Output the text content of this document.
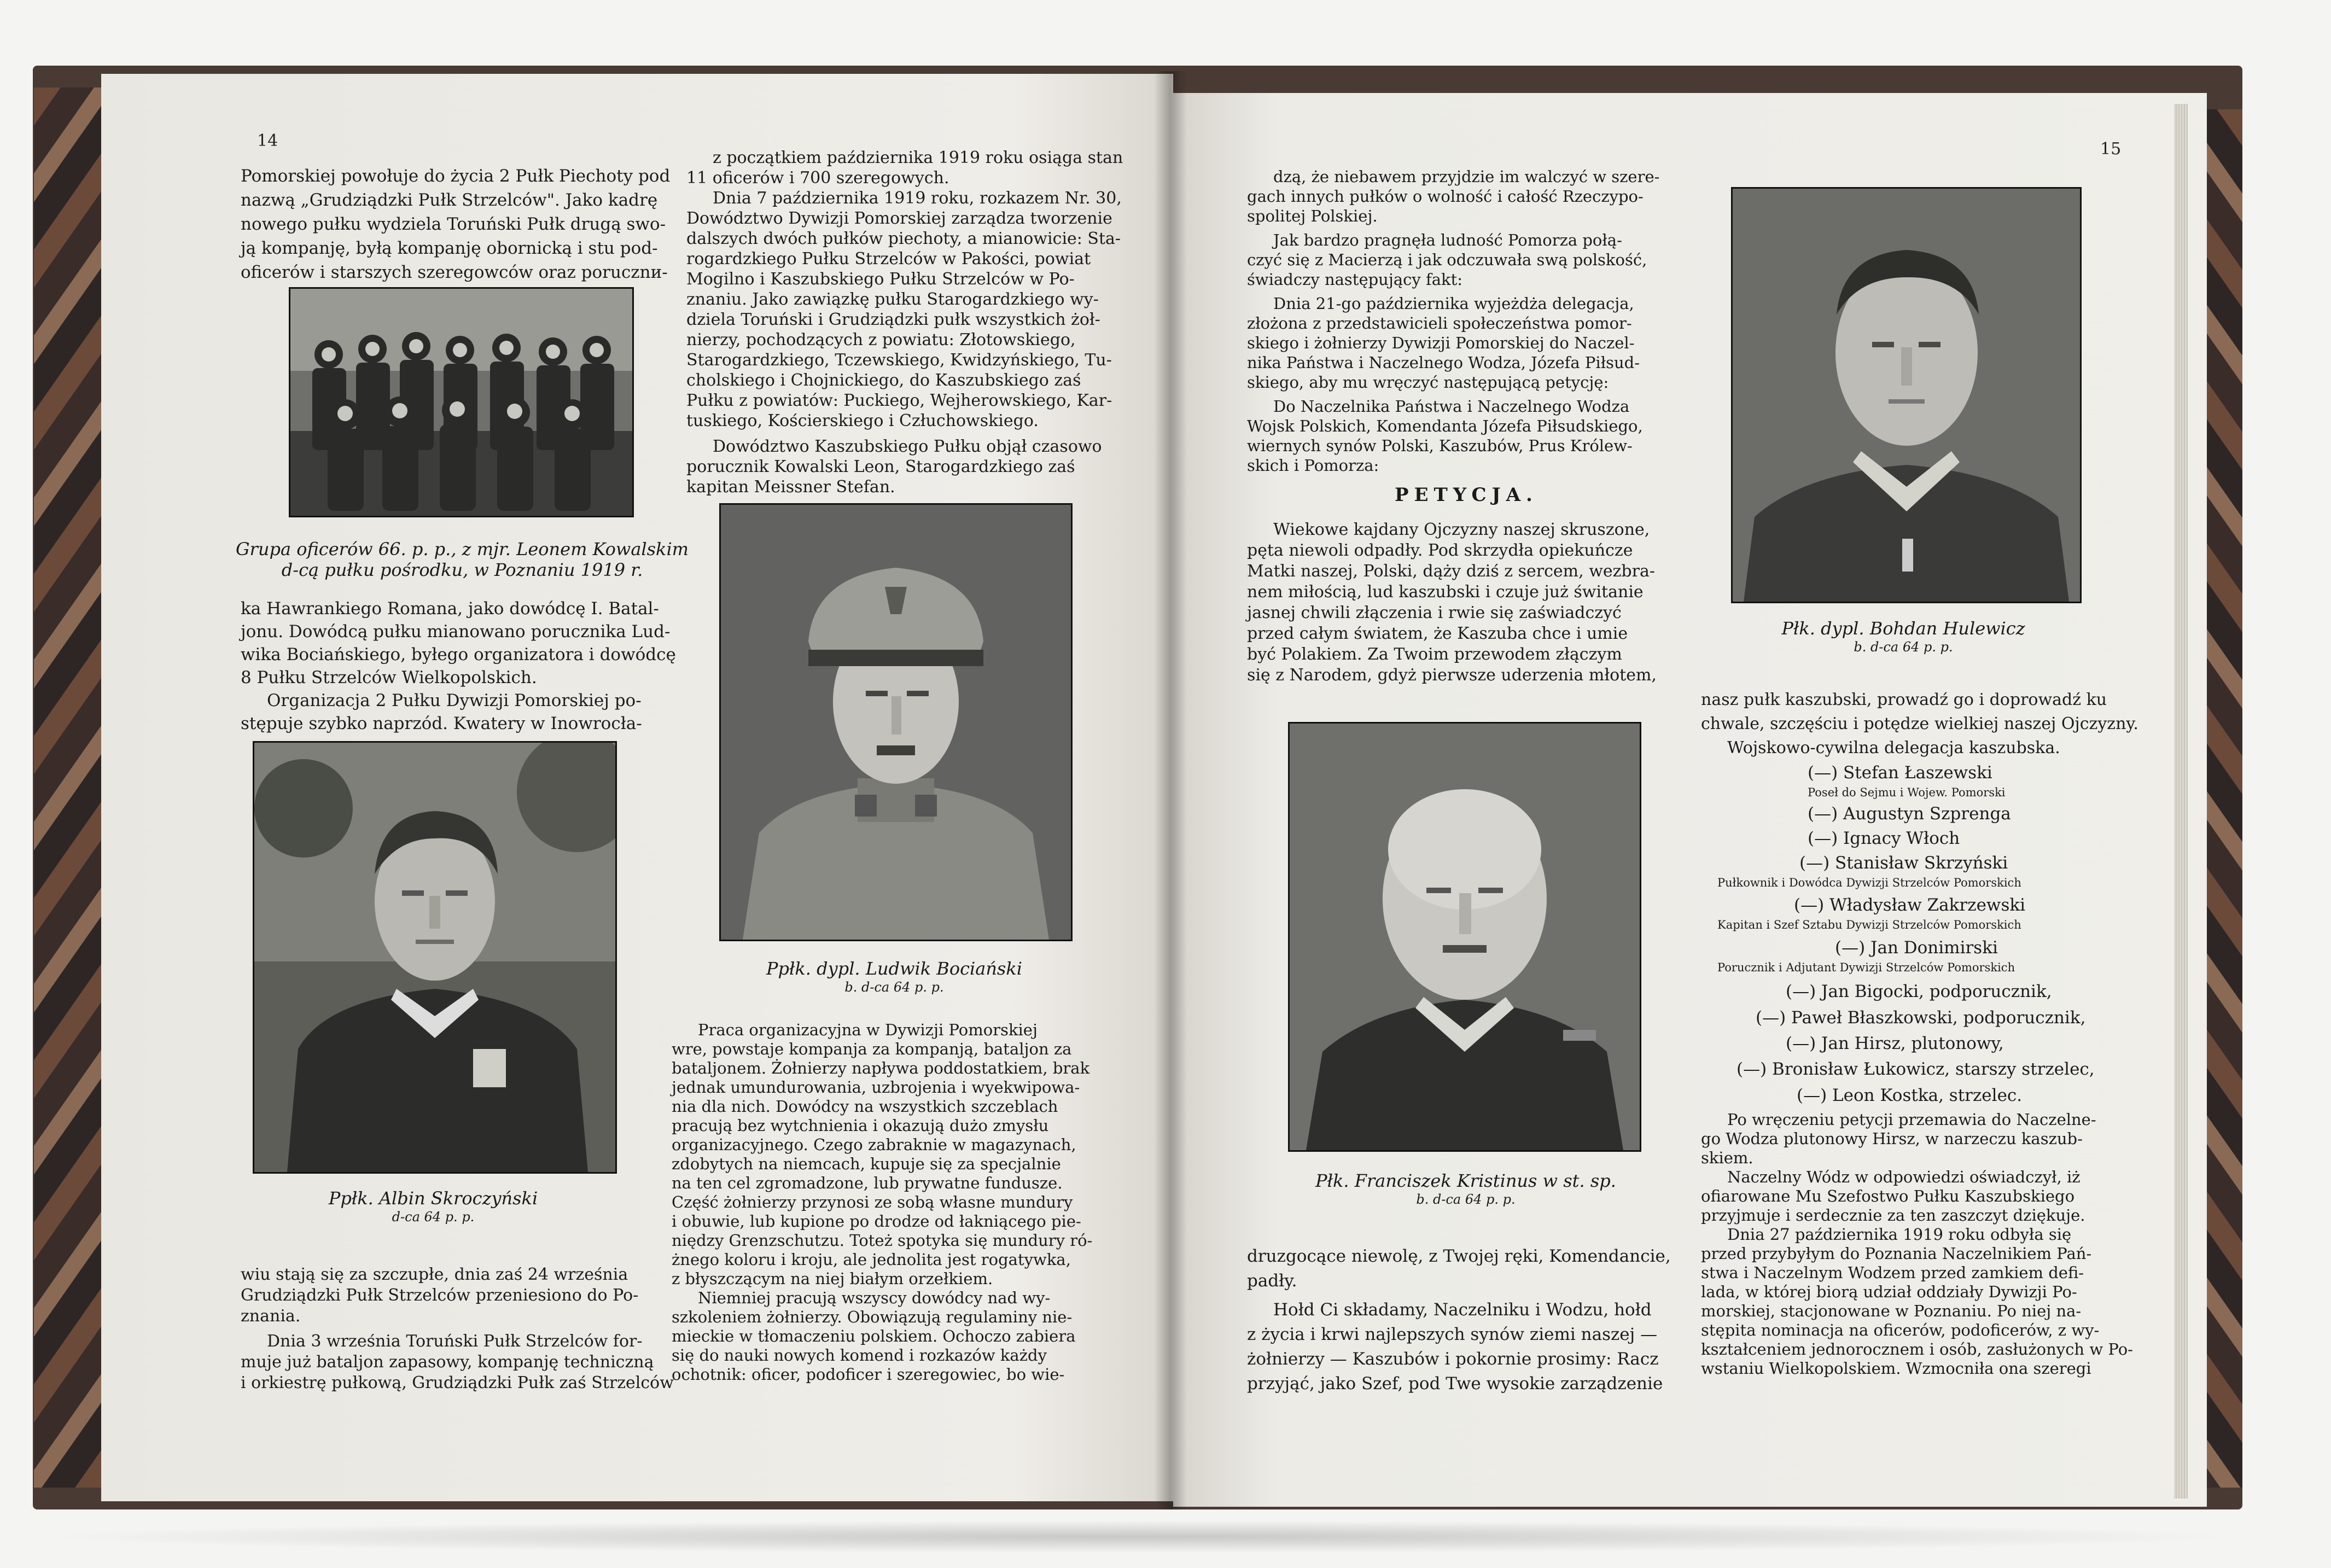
14	15
Pomorskiej powołuje do życia 2 Pułk Piechoty pod
nazwą „Grudziądzki Pułk Strzelców". Jako kadrę
nowego pułku wydziela Toruński Pułk drugą swo-
ją kompanję, byłą kompanję obornicką i stu pod-
oficerów i starszych szeregowców oraz porucznи-
Grupa oficerów 66. p. p., z mjr. Leonem Kowalskim
d-cą pułku pośrodku, w Poznaniu 1919 r.
ka Hawrankiego Romana, jako dowódcę I. Batal-
jonu. Dowódcą pułku mianowano porucznika Lud-
wika Bociańskiego, byłego organizatora i dowódcę
8 Pułku Strzelców Wielkopolskich.
Organizacja 2 Pułku Dywizji Pomorskiej po-
stępuje szybko naprzód. Kwatery w Inowrocła-
Ppłk. Albin Skroczyński
d-ca 64 p. p.
wiu stają się za szczupłe, dnia zaś 24 września
Grudziądzki Pułk Strzelców przeniesiono do Po-
znania.
Dnia 3 września Toruński Pułk Strzelców for-
muje już bataljon zapasowy, kompanję techniczną
i orkiestrę pułkową, Grudziądzki Pułk zaś Strzelców
z początkiem października 1919 roku osiąga stan
11 oficerów i 700 szeregowych.
Dnia 7 października 1919 roku, rozkazem Nr. 30,
Dowództwo Dywizji Pomorskiej zarządza tworzenie
dalszych dwóch pułków piechoty, a mianowicie: Sta-
rogardzkiego Pułku Strzelców w Pakości, powiat
Mogilno i Kaszubskiego Pułku Strzelców w Po-
znaniu. Jako zawiązkę pułku Starogardzkiego wy-
dziela Toruński i Grudziądzki pułk wszystkich żoł-
nierzy, pochodzących z powiatu: Złotowskiego,
Starogardzkiego, Tczewskiego, Kwidzyńskiego, Tu-
cholskiego i Chojnickiego, do Kaszubskiego zaś
Pułku z powiatów: Puckiego, Wejherowskiego, Kar-
tuskiego, Kościerskiego i Człuchowskiego.
Dowództwo Kaszubskiego Pułku objął czasowo
porucznik Kowalski Leon, Starogardzkiego zaś
kapitan Meissner Stefan.
Ppłk. dypl. Ludwik Bociański
b. d-ca 64 p. p.
Praca organizacyjna w Dywizji Pomorskiej
wre, powstaje kompanja za kompanją, bataljon za
bataljonem. Żołnierzy napływa poddostatkiem, brak
jednak umundurowania, uzbrojenia i wyekwipowa-
nia dla nich. Dowódcy na wszystkich szczeblach
pracują bez wytchnienia i okazują dużo zmysłu
organizacyjnego. Czego zabraknie w magazynach,
zdobytych na niemcach, kupuje się za specjalnie
na ten cel zgromadzone, lub prywatne fundusze.
Część żołnierzy przynosi ze sobą własne mundury
i obuwie, lub kupione po drodze od łakniącego pie-
niędzy Grenzschutzu. Toteż spotyka się mundury ró-
żnego koloru i kroju, ale jednolita jest rogatywka,
z błyszczącym na niej białym orzełkiem.
Niemniej pracują wszyscy dowódcy nad wy-
szkoleniem żołnierzy. Obowiązują regulaminy nie-
mieckie w tłomaczeniu polskiem. Ochoczo zabiera
się do nauki nowych komend i rozkazów każdy
ochotnik: oficer, podoficer i szeregowiec, bo wie-
dzą, że niebawem przyjdzie im walczyć w szere-
gach innych pułków o wolność i całość Rzeczypo-
spolitej Polskiej.
Jak bardzo pragnęła ludność Pomorza połą-
czyć się z Macierzą i jak odczuwała swą polskość,
świadczy następujący fakt:
Dnia 21-go października wyjeżdża delegacja,
złożona z przedstawicieli społeczeństwa pomor-
skiego i żołnierzy Dywizji Pomorskiej do Naczel-
nika Państwa i Naczelnego Wodza, Józefa Piłsud-
skiego, aby mu wręczyć następującą petycję:
Do Naczelnika Państwa i Naczelnego Wodza
Wojsk Polskich, Komendanta Józefa Piłsudskiego,
wiernych synów Polski, Kaszubów, Prus Królew-
skich i Pomorza:
PETYCJA.
Wiekowe kajdany Ojczyzny naszej skruszone,
pęta niewoli odpadły. Pod skrzydła opiekuńcze
Matki naszej, Polski, dąży dziś z sercem, wezbra-
nem miłością, lud kaszubski i czuje już świtanie
jasnej chwili złączenia i rwie się zaświadczyć
przed całym światem, że Kaszuba chce i umie
być Polakiem. Za Twoim przewodem złączym
się z Narodem, gdyż pierwsze uderzenia młotem,
Płk. Franciszek Kristinus w st. sp.
b. d-ca 64 p. p.
druzgocące niewolę, z Twojej ręki, Komendancie,
padły.
Hołd Ci składamy, Naczelniku i Wodzu, hołd
z życia i krwi najlepszych synów ziemi naszej —
żołnierzy — Kaszubów i pokornie prosimy: Racz
przyjąć, jako Szef, pod Twe wysokie zarządzenie
Płk. dypl. Bohdan Hulewicz
b. d-ca 64 p. p.
nasz pułk kaszubski, prowadź go i doprowadź ku
chwale, szczęściu i potędze wielkiej naszej Ojczyzny.
Wojskowo-cywilna delegacja kaszubska.
(—) Stefan Łaszewski
Poseł do Sejmu i Wojew. Pomorski
(—) Augustyn Szprenga
(—) Ignacy Włoch
(—) Stanisław Skrzyński
Pułkownik i Dowódca Dywizji Strzelców Pomorskich
(—) Władysław Zakrzewski
Kapitan i Szef Sztabu Dywizji Strzelców Pomorskich
(—) Jan Donimirski
Porucznik i Adjutant Dywizji Strzelców Pomorskich
(—) Jan Bigocki, podporucznik,
(—) Paweł Błaszkowski, podporucznik,
(—) Jan Hirsz, plutonowy,
(—) Bronisław Łukowicz, starszy strzelec,
(—) Leon Kostka, strzelec.
Po wręczeniu petycji przemawia do Naczelne-
go Wodza plutonowy Hirsz, w narzeczu kaszub-
skiem.
Naczelny Wódz w odpowiedzi oświadczył, iż
ofiarowane Mu Szefostwo Pułku Kaszubskiego
przyjmuje i serdecznie za ten zaszczyt dziękuje.
Dnia 27 października 1919 roku odbyła się
przed przybyłym do Poznania Naczelnikiem Pań-
stwa i Naczelnym Wodzem przed zamkiem defi-
lada, w której biorą udział oddziały Dywizji Po-
morskiej, stacjonowane w Poznaniu. Po niej na-
stępita nominacja na oficerów, podoficerów, z wy-
kształceniem jednorocznem i osób, zasłużonych w Po-
wstaniu Wielkopolskiem. Wzmocniła ona szeregi
